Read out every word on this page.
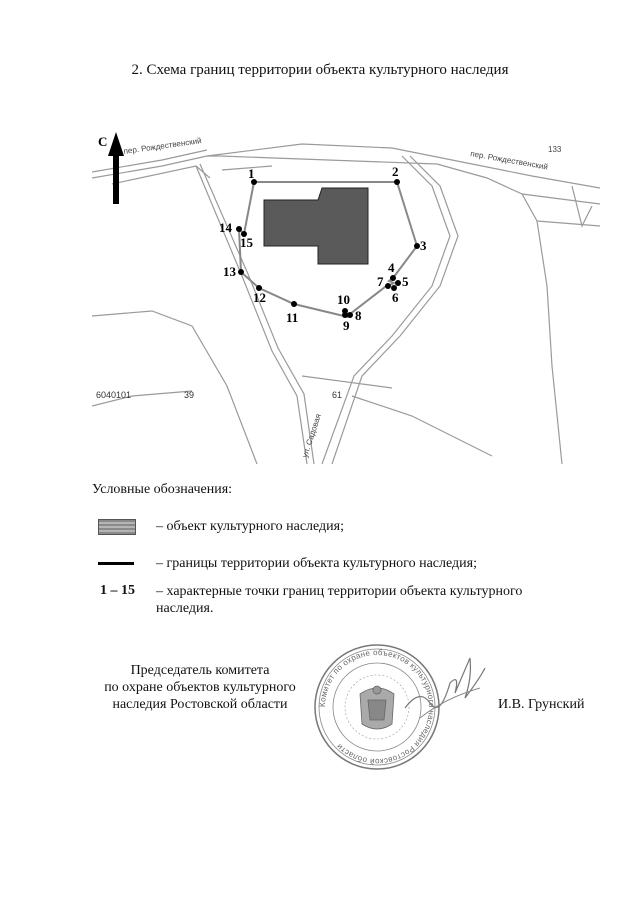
2. Схема границ территории объекта культурного наследия
С пер. Рождественский
пер. Рождественский
ул. Садовая
133
6040101	39	61
1	2
3
4
5
6
7
8
9
10
11
12
13
14
15
Условные обозначения:
– объект культурного наследия;
– границы территории объекта культурного наследия;
1 – 15 – характерные точки границ территории объекта культурного наследия.
Председатель комитета
по охране объектов культурного
наследия Ростовской области	Комитет по охране объектов культурного наследия Ростовской области
И.В. Грунский
